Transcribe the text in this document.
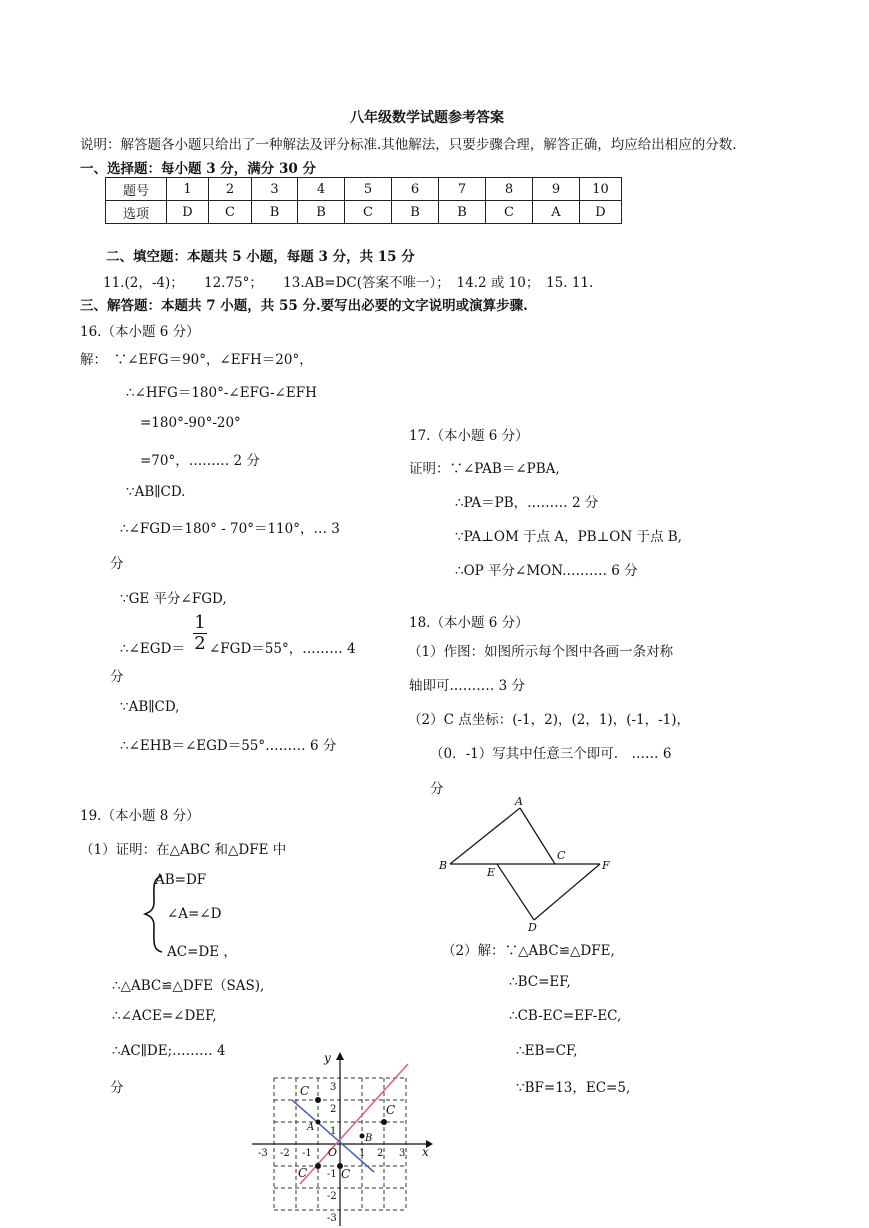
八年级数学试题参考答案
说明：解答题各小题只给出了一种解法及评分标准.其他解法，只要步骤合理，解答正确，均应给出相应的分数.
一、选择题：每小题 3 分，满分 30 分
题号	1	2	3	4	5	6	7	8	9	10
选项	D	C	B	B	C	B	B	C	A	D
二、填空题：本题共 5 小题，每题 3 分，共 15 分
11.(2，-4)；　　12.75°；　　13.AB=DC(答案不唯一）；　14.2 或 10；　15. 11.
三、解答题：本题共 7 小题，共 55 分.要写出必要的文字说明或演算步骤.
16.（本小题 6 分）
解：　∵∠EFG＝90°，∠EFH＝20°，
∴∠HFG＝180°-∠EFG-∠EFH
=180°-90°-20°
=70°，……… 2 分
∵AB∥CD.
∴∠FGD＝180° - 70°＝110°，… 3
分
∵GE 平分∠FGD,
∴∠EGD＝
1
2 ∠FGD＝55°，……… 4
分
∵AB∥CD,
∴∠EHB＝∠EGD＝55°……… 6 分
17.（本小题 6 分）
证明：∵∠PAB＝∠PBA,
∴PA＝PB，……… 2 分
∵PA⊥OM 于点 A，PB⊥ON 于点 B,
∴OP 平分∠MON.……… 6 分
18.（本小题 6 分）
（1）作图：如图所示每个图中各画一条对称
轴即可.……… 3 分
（2）C 点坐标：(-1，2)，(2，1)，(-1，-1)，
（0．-1）写其中任意三个即可.　…… 6
分
19.（本小题 8 分）
（1）证明：在△ABC 和△DFE 中
AB=DF
∠A=∠D
AC=DE ，
∴△ABC≌△DFE（SAS),
∴∠ACE=∠DEF,
∴AC∥DE;……… 4
分
（2）解：∵△ABC≌△DFE,
∴BC=EF,
∴CB-EC=EF-EC,
∴EB=CF,
∵BF=13，EC=5,
A
B
C
E
F
D
C
C
C	C
A
B
y
x
O
-3 -2 -1	1 2 3
3
2
1
-1
-2
-3
